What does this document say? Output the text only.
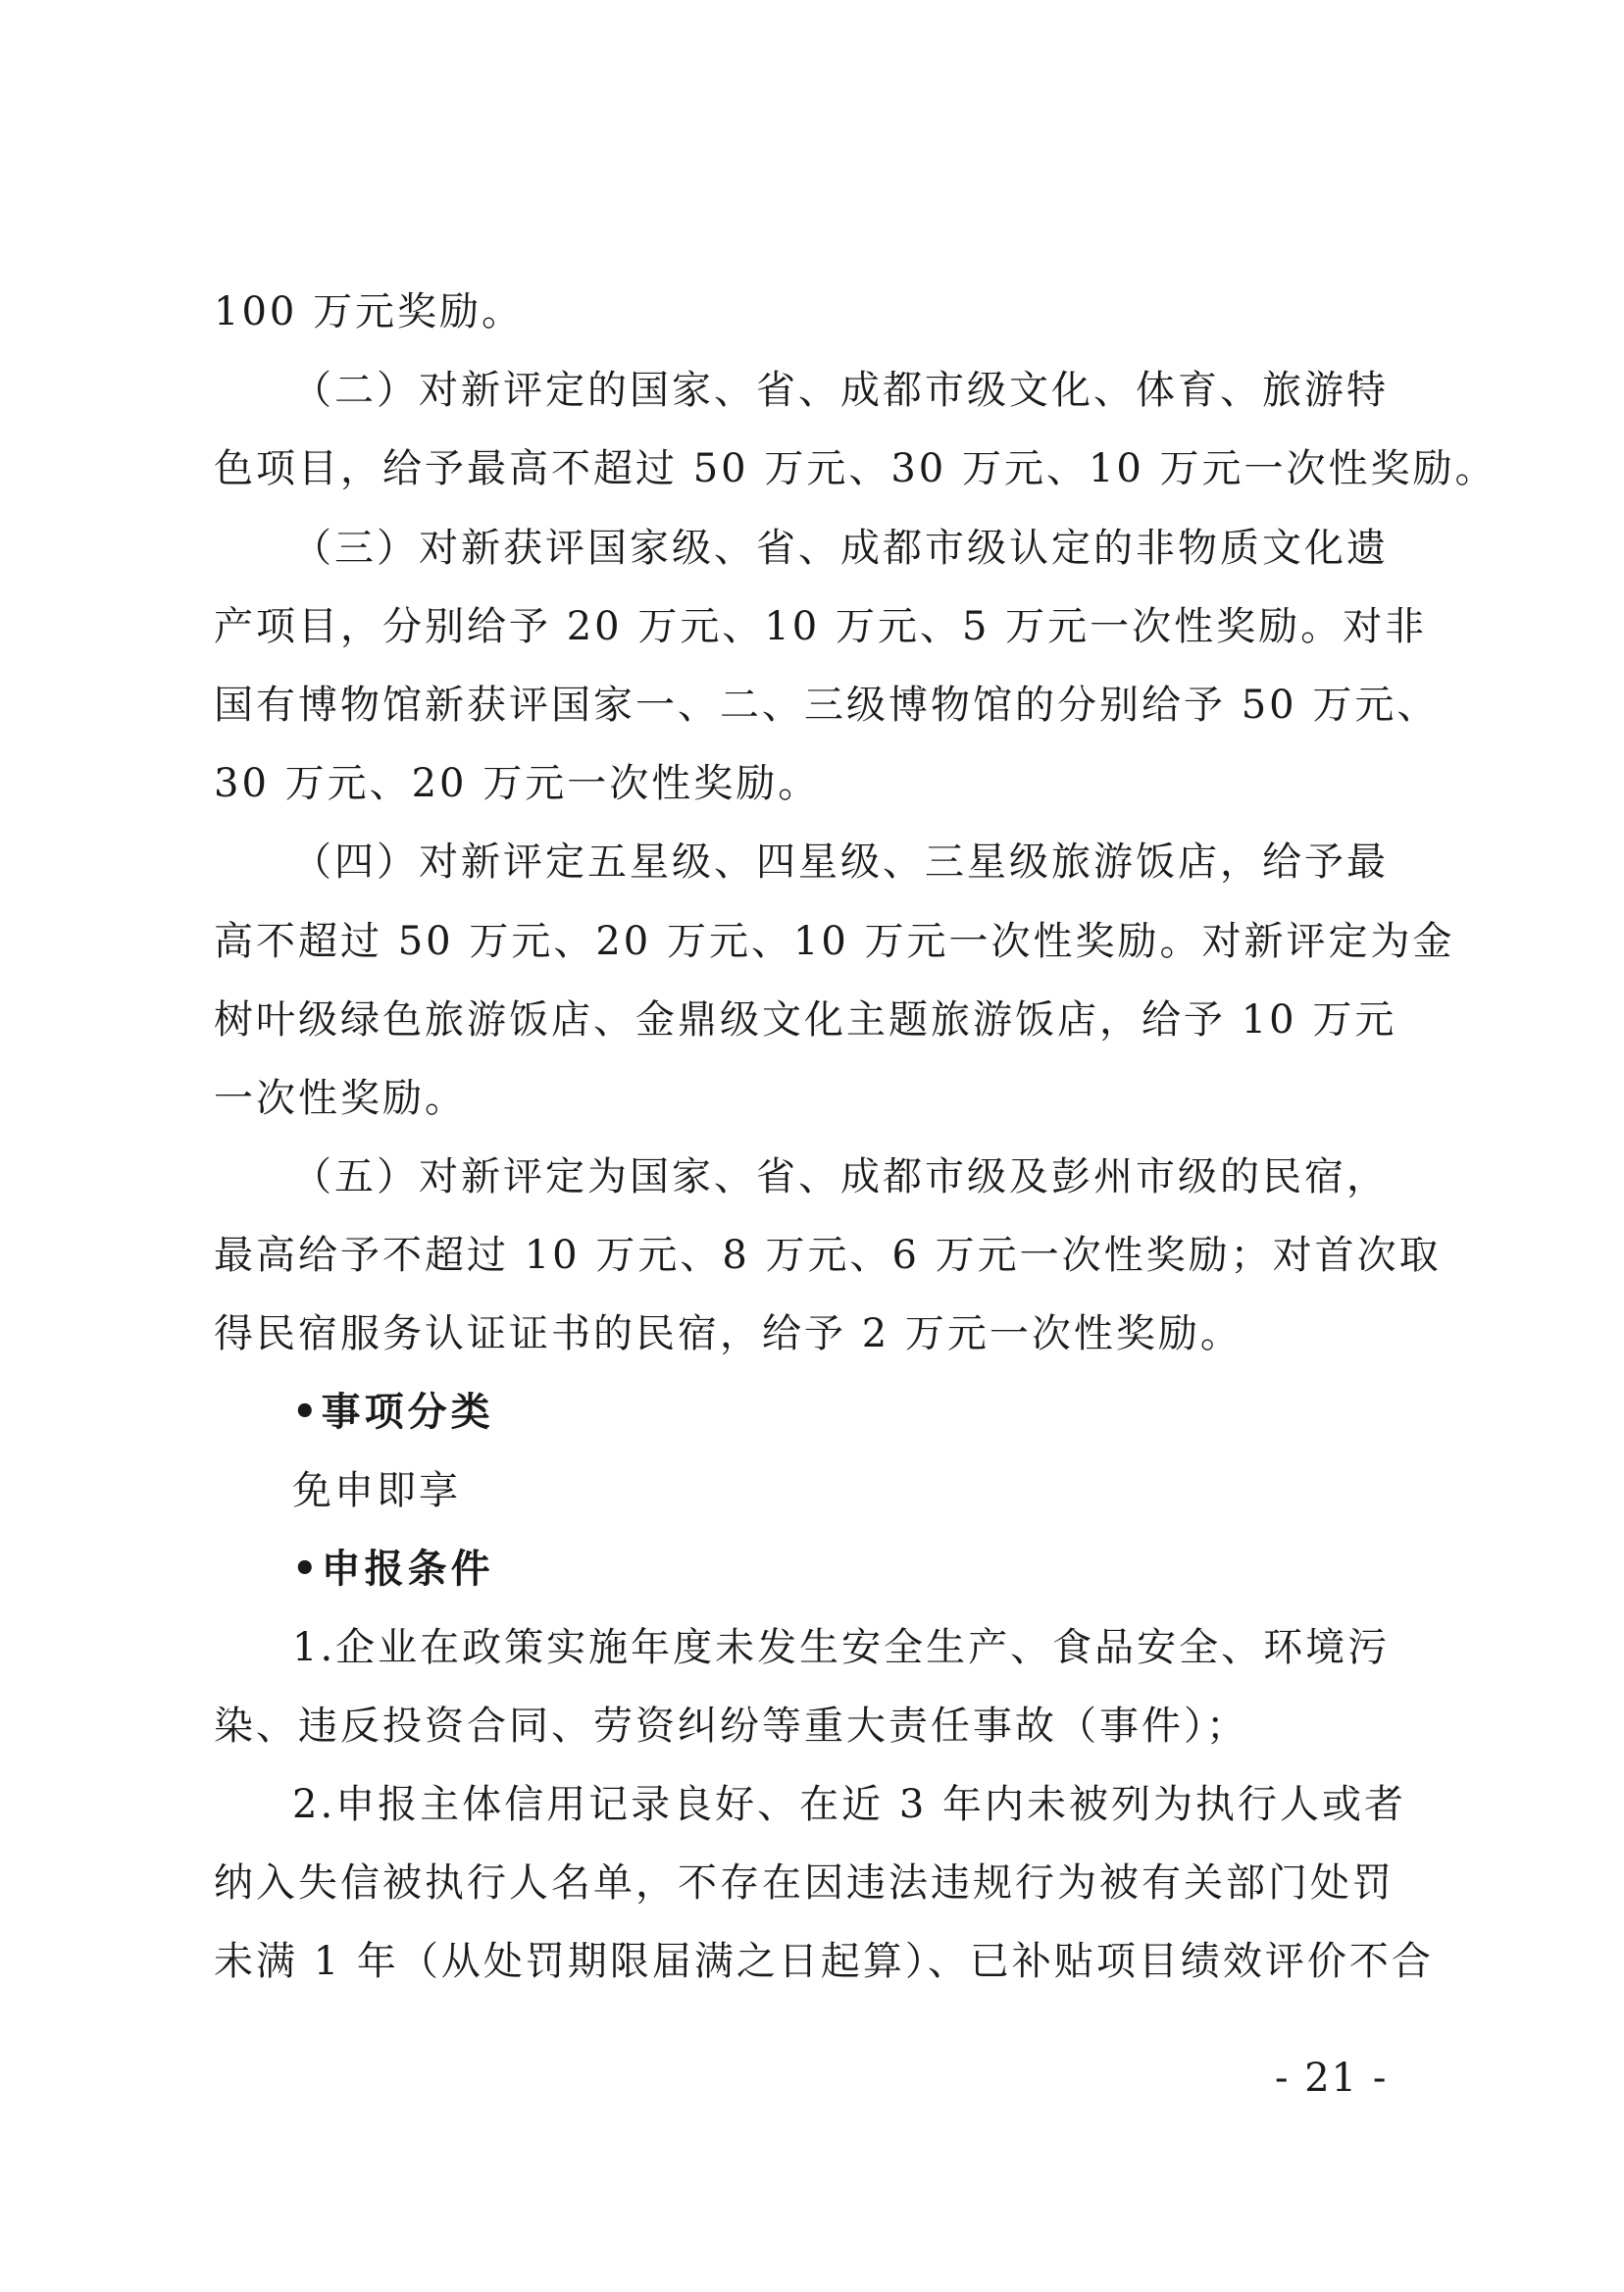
100 万元奖励。
（二）对新评定的国家、省、成都市级文化、体育、旅游特
色项目，给予最高不超过 50 万元、30 万元、10 万元一次性奖励。
（三）对新获评国家级、省、成都市级认定的非物质文化遗
产项目，分别给予 20 万元、10 万元、5 万元一次性奖励。对非
国有博物馆新获评国家一、二、三级博物馆的分别给予 50 万元、
30 万元、20 万元一次性奖励。
（四）对新评定五星级、四星级、三星级旅游饭店，给予最
高不超过 50 万元、20 万元、10 万元一次性奖励。对新评定为金
树叶级绿色旅游饭店、金鼎级文化主题旅游饭店，给予 10 万元
一次性奖励。
（五）对新评定为国家、省、成都市级及彭州市级的民宿，
最高给予不超过 10 万元、8 万元、6 万元一次性奖励；对首次取
得民宿服务认证证书的民宿，给予 2 万元一次性奖励。
•事项分类
免申即享
•申报条件
1.企业在政策实施年度未发生安全生产、食品安全、环境污
染、违反投资合同、劳资纠纷等重大责任事故（事件）；
2.申报主体信用记录良好、在近 3 年内未被列为执行人或者
纳入失信被执行人名单，不存在因违法违规行为被有关部门处罚
未满 1 年（从处罚期限届满之日起算）、已补贴项目绩效评价不合
- 21 -
